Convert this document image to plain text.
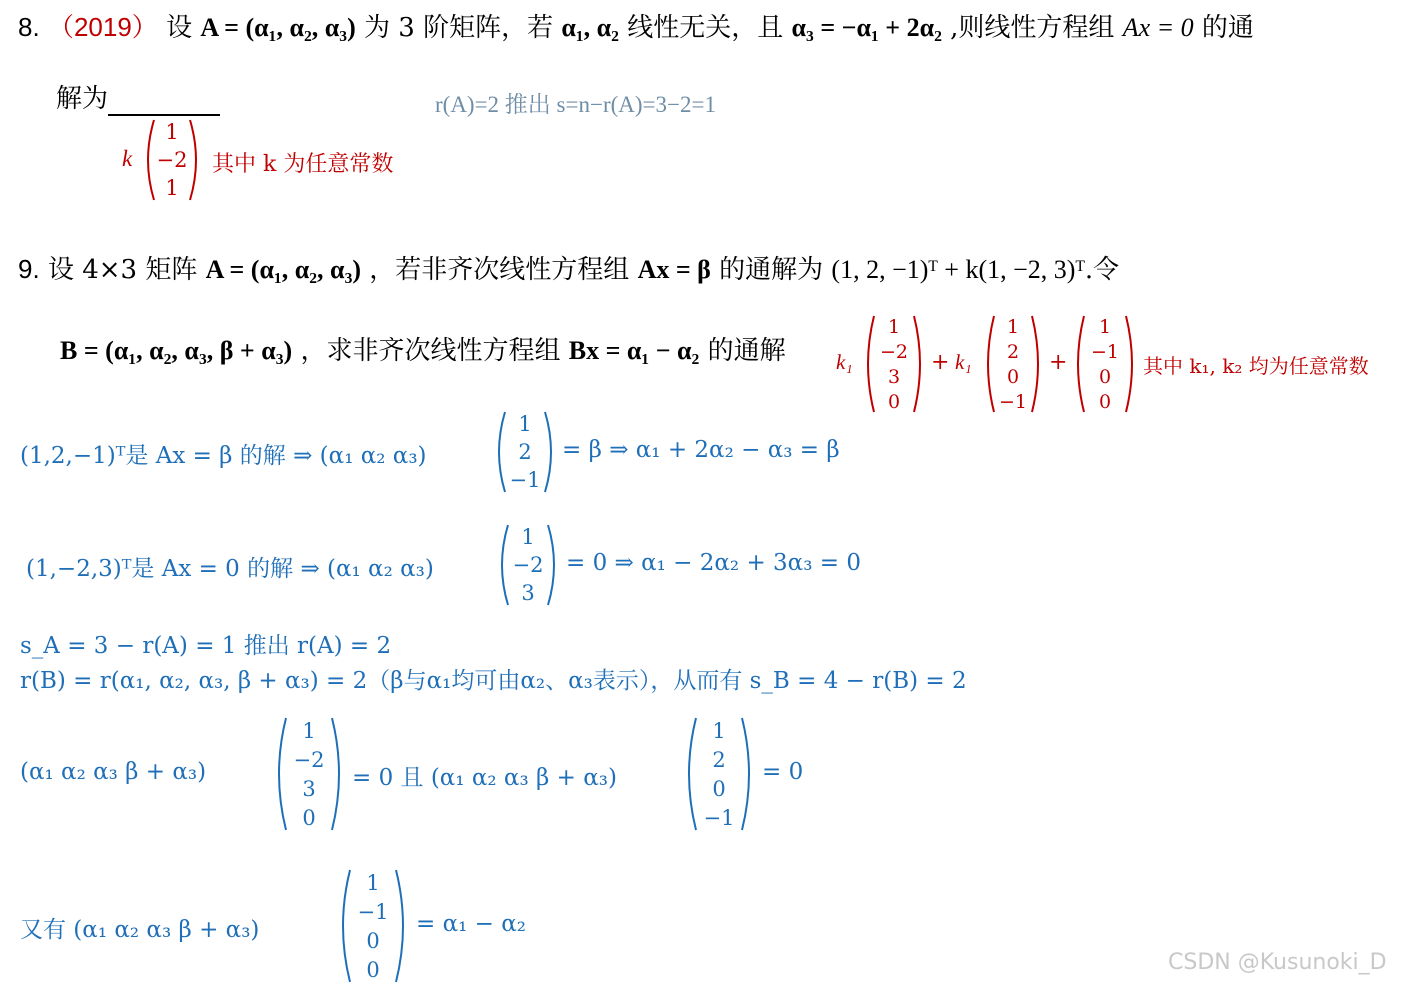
8. （2019） 设 A = (α₁, α₂, α₃) 为 3 阶矩阵，若 α₁, α₂ 线性无关，且 α₃ = −α₁ + 2α₂ ,则线性方程组 Ax = 0 的通
解为	r(A)=2 推出 s=n−r(A)=3−2=1
k
1
−2
1
其中 k 为任意常数
9. 设 4×3 矩阵 A = (α₁, α₂, α₃) ，若非齐次线性方程组 Ax = β 的通解为 (1, 2, −1)ᵀ + k(1, −2, 3)ᵀ.令
B = (α₁, α₂, α₃, β + α₃) ，求非齐次线性方程组 Bx = α₁ − α₂ 的通解 k₁
1
−2
3
0
+ k₁
1
2
0
−1
+
1
−1
0
0
其中 k₁, k₂ 均为任意常数
(1,2,−1)ᵀ是 Ax = β 的解 ⇒ (α₁ α₂ α₃)
1
2
−1
= β ⇒ α₁ + 2α₂ − α₃ = β
(1,−2,3)ᵀ是 Ax = 0 的解 ⇒ (α₁ α₂ α₃)
1
−2
3
= 0 ⇒ α₁ − 2α₂ + 3α₃ = 0
s_A = 3 − r(A) = 1 推出 r(A) = 2
r(B) = r(α₁, α₂, α₃, β + α₃) = 2（β与α₁均可由α₂、α₃表示），从而有 s_B = 4 − r(B) = 2
(α₁ α₂ α₃ β + α₃)
1
−2
3
0
= 0 且 (α₁ α₂ α₃ β + α₃)
1
2
0
−1
= 0
又有 (α₁ α₂ α₃ β + α₃)
1
−1
0
0
= α₁ − α₂
CSDN @Kusunoki_D
